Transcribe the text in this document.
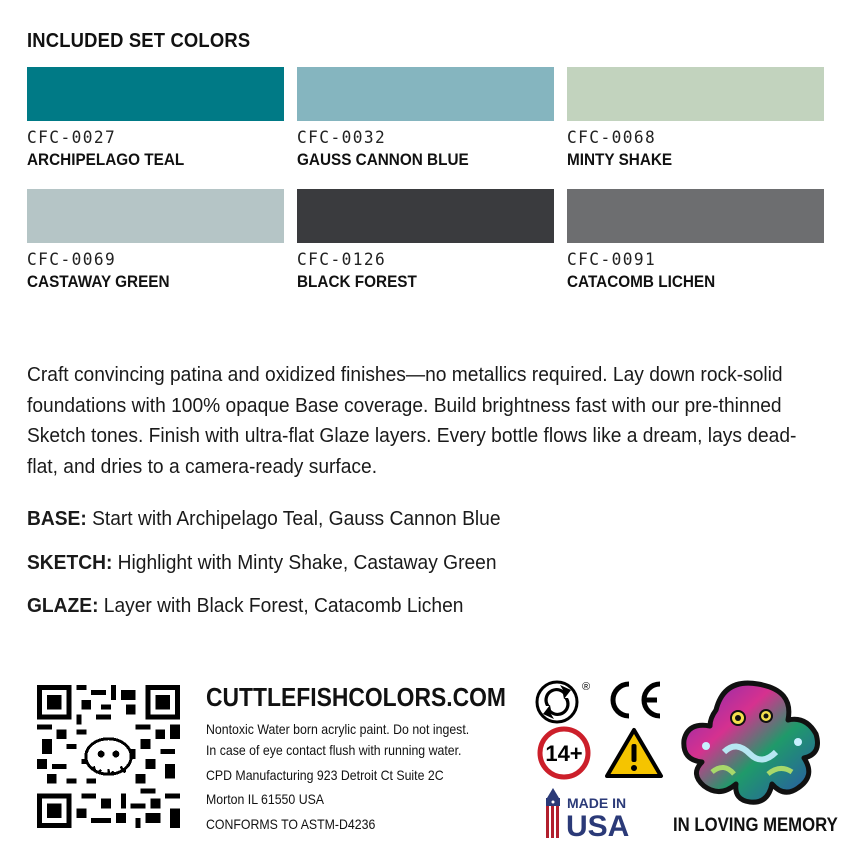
INCLUDED SET COLORS
CFC-0027
ARCHIPELAGO TEAL
CFC-0032
GAUSS CANNON BLUE
CFC-0068
MINTY SHAKE
CFC-0069
CASTAWAY GREEN
CFC-0126
BLACK FOREST
CFC-0091
CATACOMB LICHEN
Craft convincing patina and oxidized finishes—no metallics required. Lay down rock-solid foundations with 100% opaque Base coverage. Build brightness fast with our pre-thinned Sketch tones. Finish with ultra-flat Glaze layers. Every bottle flows like a dream, lays dead-flat, and dries to a camera-ready surface.
BASE: Start with Archipelago Teal, Gauss Cannon Blue
SKETCH: Highlight with Minty Shake, Castaway Green
GLAZE: Layer with Black Forest, Catacomb Lichen
CUTTLEFISHCOLORS.COM
Nontoxic Water born acrylic paint. Do not ingest.
In case of eye contact flush with running water.
CPD Manufacturing 923 Detroit Ct Suite 2C
Morton IL 61550 USA
CONFORMS TO ASTM-D4236
®
14+
MADE IN
USA IN LOVING MEMORY
